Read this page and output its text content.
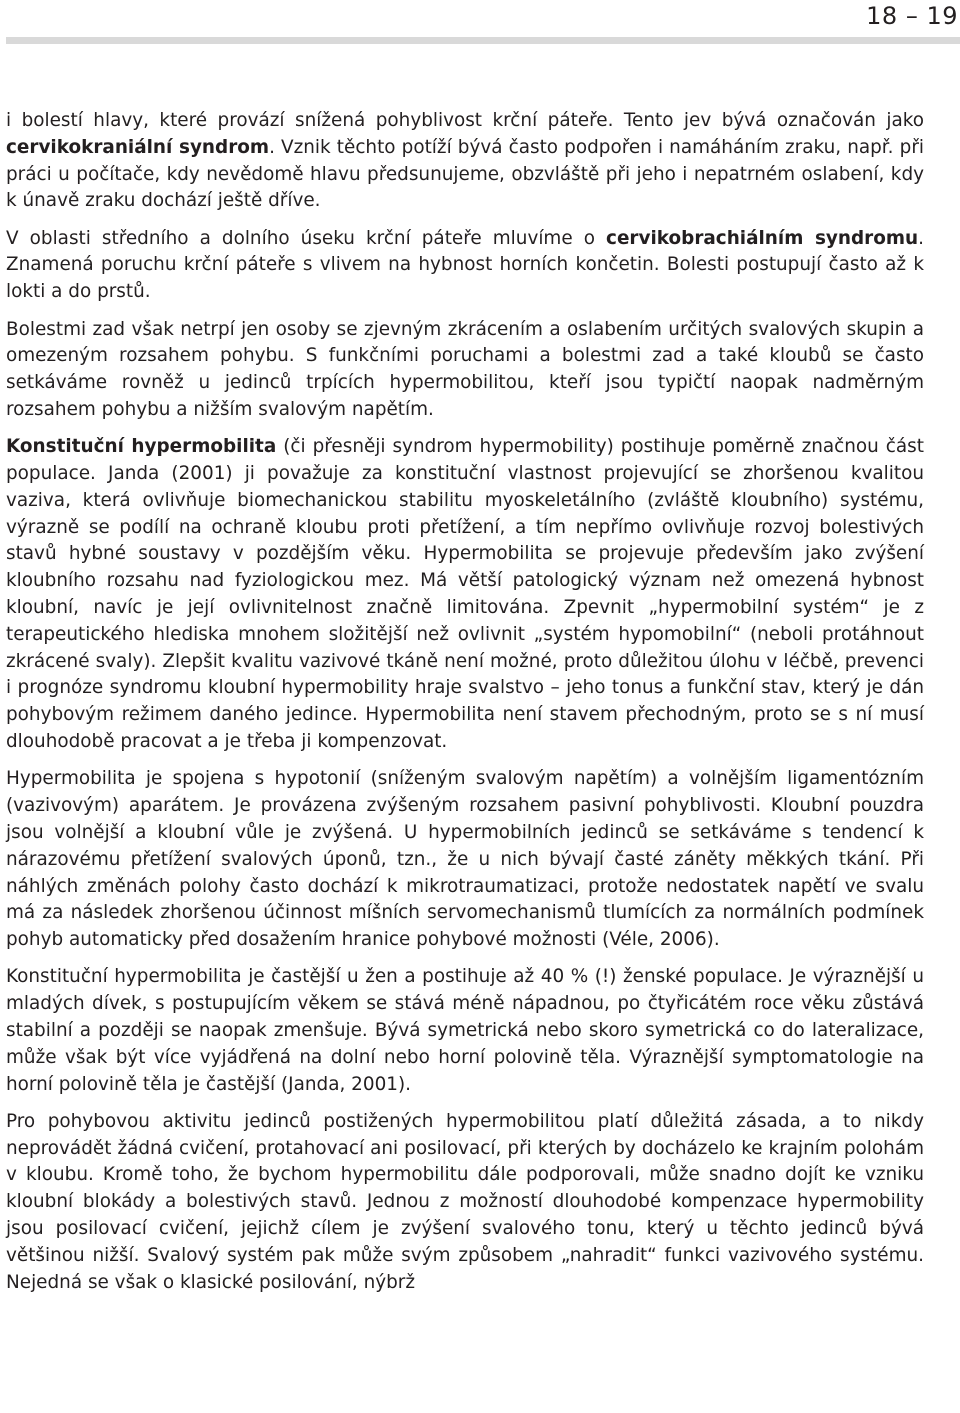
18 – 19

i bolestí hlavy, které provází snížená pohyblivost krční páteře. Tento jev bývá označován jako cervikokraniální syndrom. Vznik těchto potíží bývá často podpořen i namáháním zraku, např. při práci u počítače, kdy nevědomě hlavu předsunujeme, obzvláště při jeho i nepatrném oslabení, kdy k únavě zraku dochází ještě dříve.

V oblasti středního a dolního úseku krční páteře mluvíme o cervikobrachiálním syndromu. Znamená poruchu krční páteře s vlivem na hybnost horních končetin. Bolesti postupují často až k lokti a do prstů.

Bolestmi zad však netrpí jen osoby se zjevným zkrácením a oslabením určitých svalových skupin a omezeným rozsahem pohybu. S funkčními poruchami a bolestmi zad a také kloubů se často setkáváme rovněž u jedinců trpících hypermobilitou, kteří jsou typičtí naopak nadměrným rozsahem pohybu a nižším svalovým napětím.

Konstituční hypermobilita (či přesněji syndrom hypermobility) postihuje poměrně značnou část populace. Janda (2001) ji považuje za konstituční vlastnost projevující se zhoršenou kvalitou vaziva, která ovlivňuje biomechanickou stabilitu myoskeletálního (zvláště kloubního) systému, výrazně se podílí na ochraně kloubu proti přetížení, a tím nepřímo ovlivňuje rozvoj bolestivých stavů hybné soustavy v pozdějším věku. Hypermobilita se projevuje především jako zvýšení kloubního rozsahu nad fyziologickou mez. Má větší patologický význam než omezená hybnost kloubní, navíc je její ovlivnitelnost značně limitována. Zpevnit „hypermobilní systém“ je z terapeutického hlediska mnohem složitější než ovlivnit „systém hypomobilní“ (neboli protáhnout zkrácené svaly). Zlepšit kvalitu vazivové tkáně není možné, proto důležitou úlohu v léčbě, prevenci i prognóze syndromu kloubní hypermobility hraje svalstvo – jeho tonus a funkční stav, který je dán pohybovým režimem daného jedince. Hypermobilita není stavem přechodným, proto se s ní musí dlouhodobě pracovat a je třeba ji kompenzovat.

Hypermobilita je spojena s hypotonií (sníženým svalovým napětím) a volnějším ligamentózním (vazivovým) aparátem. Je provázena zvýšeným rozsahem pasivní pohyblivosti. Kloubní pouzdra jsou volnější a kloubní vůle je zvýšená. U hypermobilních jedinců se setkáváme s tendencí k nárazovému přetížení svalových úponů, tzn., že u nich bývají časté záněty měkkých tkání. Při náhlých změnách polohy často dochází k mikrotraumatizaci, protože nedostatek napětí ve svalu má za následek zhoršenou účinnost míšních servomechanismů tlumících za normálních podmínek pohyb automaticky před dosažením hranice pohybové možnosti (Véle, 2006).

Konstituční hypermobilita je častější u žen a postihuje až 40 % (!) ženské populace. Je výraznější u mladých dívek, s postupujícím věkem se stává méně nápadnou, po čtyřicátém roce věku zůstává stabilní a později se naopak zmenšuje. Bývá symetrická nebo skoro symetrická co do lateralizace, může však být více vyjádřená na dolní nebo horní polovině těla. Výraznější symptomatologie na horní polovině těla je častější (Janda, 2001).

Pro pohybovou aktivitu jedinců postižených hypermobilitou platí důležitá zásada, a to nikdy neprovádět žádná cvičení, protahovací ani posilovací, při kterých by docházelo ke krajním polohám v kloubu. Kromě toho, že bychom hypermobilitu dále podporovali, může snadno dojít ke vzniku kloubní blokády a bolestivých stavů. Jednou z možností dlouhodobé kompenzace hypermobility jsou posilovací cvičení, jejichž cílem je zvýšení svalového tonu, který u těchto jedinců bývá většinou nižší. Svalový systém pak může svým způsobem „nahradit“ funkci vazivového systému. Nejedná se však o klasické posilování, nýbrž
